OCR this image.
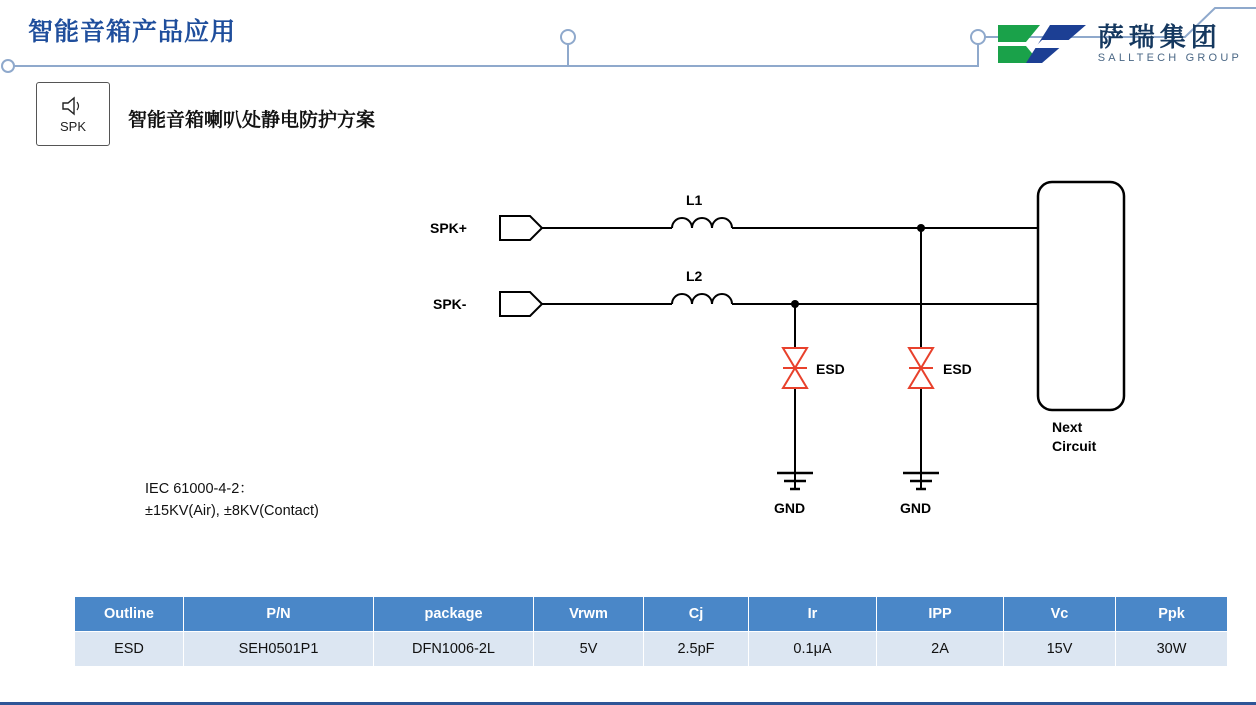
智能音箱产品应用	萨瑞集团
SALLTECH GROUP
SPK 智能音箱喇叭处静电防护方案
SPK+
SPK-
L1
L2
ESD	ESD
GND	GND
Next
Circuit
IEC 61000-4-2：
±15KV(Air), ±8KV(Contact)
Outline	P/N	package	Vrwm	Cj	Ir	IPP	Vc	Ppk
ESD	SEH0501P1	DFN1006-2L	5V	2.5pF	0.1μA	2A	15V	30W
